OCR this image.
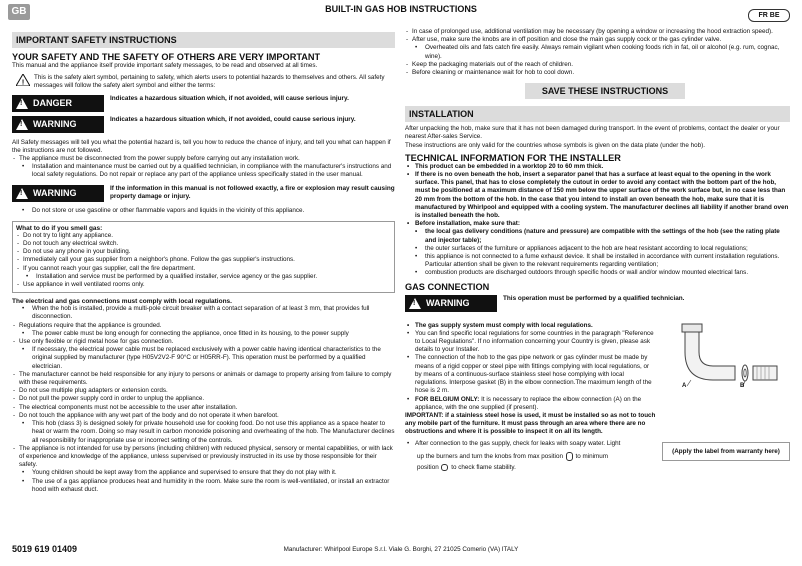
GB	BUILT-IN GAS HOB INSTRUCTIONS
FR BE
IMPORTANT SAFETY INSTRUCTIONS
YOUR SAFETY AND THE SAFETY OF OTHERS ARE VERY IMPORTANT
This manual and the appliance itself provide important safety messages, to be read and observed at all times.
!
This is the safety alert symbol, pertaining to safety, which alerts users to potential hazards to themselves and others. All safety messages will follow the safety alert symbol and either the terms:
! DANGER	Indicates a hazardous situation which, if not avoided, will cause serious injury.
! WARNING	Indicates a hazardous situation which, if not avoided, could cause serious injury.
All Safety messages will tell you what the potential hazard is, tell you how to reduce the chance of injury, and tell you what can happen if the instructions are not followed.
- The appliance must be disconnected from the power supply before carrying out any installation work.
• Installation and maintenance must be carried out by a qualified technician, in compliance with the manufacturer's instructions and local safety regulations. Do not repair or replace any part of the appliance unless specifically stated in the user manual.
! WARNING	If the information in this manual is not followed exactly, a fire or explosion may result causing property damage or injury.
• Do not store or use gasoline or other flammable vapors and liquids in the vicinity of this appliance.
What to do if you smell gas:
- Do not try to light any appliance.
- Do not touch any electrical switch.
- Do not use any phone in your building.
- Immediately call your gas supplier from a neighbor's phone. Follow the gas supplier's instructions.
- If you cannot reach your gas supplier, call the fire department.
• Installation and service must be performed by a qualified installer, service agency or the gas supplier.
- Use appliance in well ventilated rooms only.
The electrical and gas connections must comply with local regulations.
• When the hob is installed, provide a multi-pole circuit breaker with a contact separation of at least 3 mm, that provides full disconnection.
- Regulations require that the appliance is grounded.
• The power cable must be long enough for connecting the appliance, once fitted in its housing, to the power supply
- Use only flexible or rigid metal hose for gas connection.
• If necessary, the electrical power cable must be replaced exclusively with a power cable having identical characteristics to the original supplied by manufacturer (type H05V2V2-F 90°C or H05RR-F). This operation must be performed by a qualified electrician.
- The manufacturer cannot be held responsible for any injury to persons or animals or damage to property arising from failure to comply with these requirements.
- Do not use multiple plug adapters or extension cords.
- Do not pull the power supply cord in order to unplug the appliance.
- The electrical components must not be accessible to the user after installation.
- Do not touch the appliance with any wet part of the body and do not operate it when barefoot.
• This hob (class 3) is designed solely for private household use for cooking food. Do not use this appliance as a space heater to heat or warm the room. Doing so may result in carbon monoxide poisoning and overheating of the hob. The Manufacturer declines all responsibility for inappropriate use or incorrect setting of the controls.
- The appliance is not intended for use by persons (including children) with reduced physical, sensory or mental capabilities, or with lack of experience and knowledge of the appliance, unless supervised or previously instructed in its use by those responsible for their safety.
• Young children should be kept away from the appliance and supervised to ensure that they do not play with it.
• The use of a gas appliance produces heat and humidity in the room. Make sure the room is well-ventilated, or install an extractor hood with exhaust duct.
- In case of prolonged use, additional ventilation may be necessary (by opening a window or increasing the hood extraction speed).
- After use, make sure the knobs are in off position and close the main gas supply cock or the gas cylinder valve.
• Overheated oils and fats catch fire easily. Always remain vigilant when cooking foods rich in fat, oil or alcohol (e.g. rum, cognac, wine).
- Keep the packaging materials out of the reach of children.
- Before cleaning or maintenance wait for hob to cool down.
SAVE THESE INSTRUCTIONS
INSTALLATION
After unpacking the hob, make sure that it has not been damaged during transport. In the event of problems, contact the dealer or your nearest After-sales Service.
These instructions are only valid for the countries whose symbols is given on the data plate (under the hob).
TECHNICAL INFORMATION FOR THE INSTALLER
• This product can be embedded in a worktop 20 to 60 mm thick.
• If there is no oven beneath the hob, insert a separator panel that has a surface at least equal to the opening in the work surface. This panel, that has to close completely the cutout in order to avoid any contact with the bottom part of the hob, must be positioned at a maximum distance of 150 mm below the upper surface of the work surface but, in no case less than 20 mm from the bottom of the hob. In the case that you intend to install an oven beneath the hob, make sure that it is manufactured by Whirlpool and equipped with a cooling system. The manufacturer declines all liability if another brand oven is installed beneath the hob.
• Before installation, make sure that:
• the local gas delivery conditions (nature and pressure) are compatible with the settings of the hob (see the rating plate and injector table);
• the outer surfaces of the furniture or appliances adjacent to the hob are heat resistant according to local regulations;
• this appliance is not connected to a fume exhaust device. It shall be installed in accordance with current installation regulations. Particular attention shall be given to the relevant requirements regarding ventilation;
• combustion products are discharged outdoors through specific hoods or wall and/or window mounted electrical fans.
GAS CONNECTION
! WARNING	This operation must be performed by a qualified technician.
• The gas supply system must comply with local regulations.
• You can find specific local regulations for some countries in the paragraph "Reference to Local Regulations". If no information concerning your Country is given, please ask details to your Installer.
• The connection of the hob to the gas pipe network or gas cylinder must be made by means of a rigid copper or steel pipe with fittings complying with local regulations, or by means of a continuous-surface stainless steel hose complying with local regulations. Interpose gasket (B) in the elbow connection.The maximum length of the hose is 2 m.
• FOR BELGIUM ONLY: It is necessary to replace the elbow connection (A) on the appliance, with the one supplied (if present).
IMPORTANT: if a stainless steel hose is used, it must be installed so as not to touch any mobile part of the furniture. It must pass through an area where there are no obstructions and where it is possible to inspect it on all its length.
A	B
• After connection to the gas supply, check for leaks with soapy water. Light
up the burners and turn the knobs from max position to minimum
position to check flame stability.
(Apply the label from warranty here)
5019 619 01409	Manufacturer: Whirlpool Europe S.r.l. Viale G. Borghi, 27 21025 Comerio (VA) ITALY
